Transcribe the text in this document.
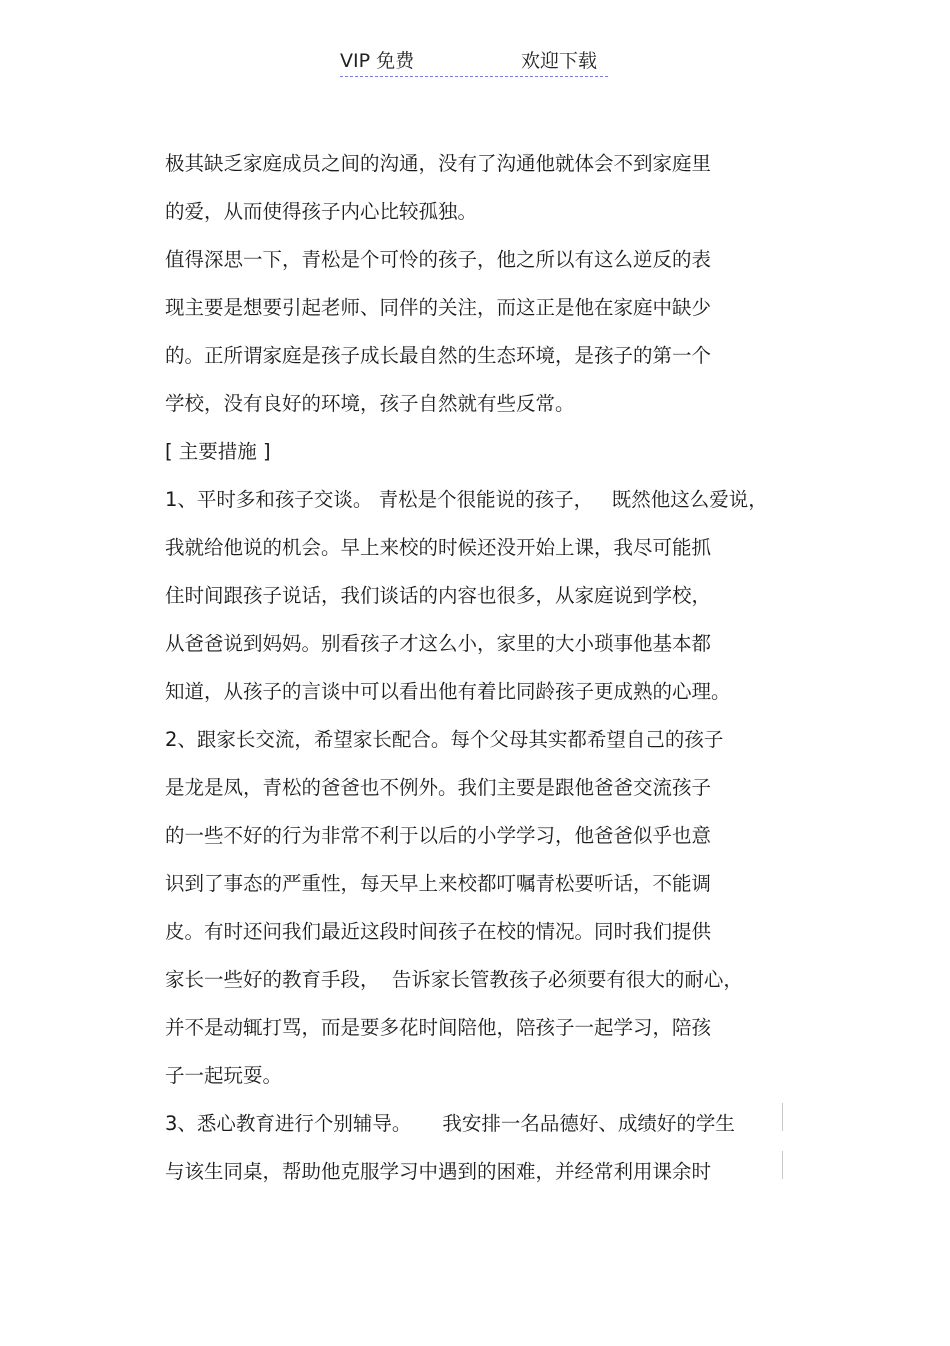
VIP 免费	欢迎下载
极其缺乏家庭成员之间的沟通，没有了沟通他就体会不到家庭里
的爱，从而使得孩子内心比较孤独。
值得深思一下，青松是个可怜的孩子，他之所以有这么逆反的表
现主要是想要引起老师、同伴的关注，而这正是他在家庭中缺少
的。正所谓家庭是孩子成长最自然的生态环境，是孩子的第一个
学校，没有良好的环境，孩子自然就有些反常。
[ 主要措施 ]
1、平时多和孩子交谈。 青松是个很能说的孩子，   既然他这么爱说，
我就给他说的机会。早上来校的时候还没开始上课，我尽可能抓
住时间跟孩子说话，我们谈话的内容也很多，从家庭说到学校，
从爸爸说到妈妈。别看孩子才这么小，家里的大小琐事他基本都
知道，从孩子的言谈中可以看出他有着比同龄孩子更成熟的心理。
2、跟家长交流，希望家长配合。每个父母其实都希望自己的孩子
是龙是凤，青松的爸爸也不例外。我们主要是跟他爸爸交流孩子
的一些不好的行为非常不利于以后的小学学习，他爸爸似乎也意
识到了事态的严重性，每天早上来校都叮嘱青松要听话，不能调
皮。有时还问我们最近这段时间孩子在校的情况。同时我们提供
家长一些好的教育手段，  告诉家长管教孩子必须要有很大的耐心，
并不是动辄打骂，而是要多花时间陪他，陪孩子一起学习，陪孩
子一起玩耍。
3、悉心教育进行个别辅导。     我安排一名品德好、成绩好的学生
与该生同桌，帮助他克服学习中遇到的困难，并经常利用课余时
